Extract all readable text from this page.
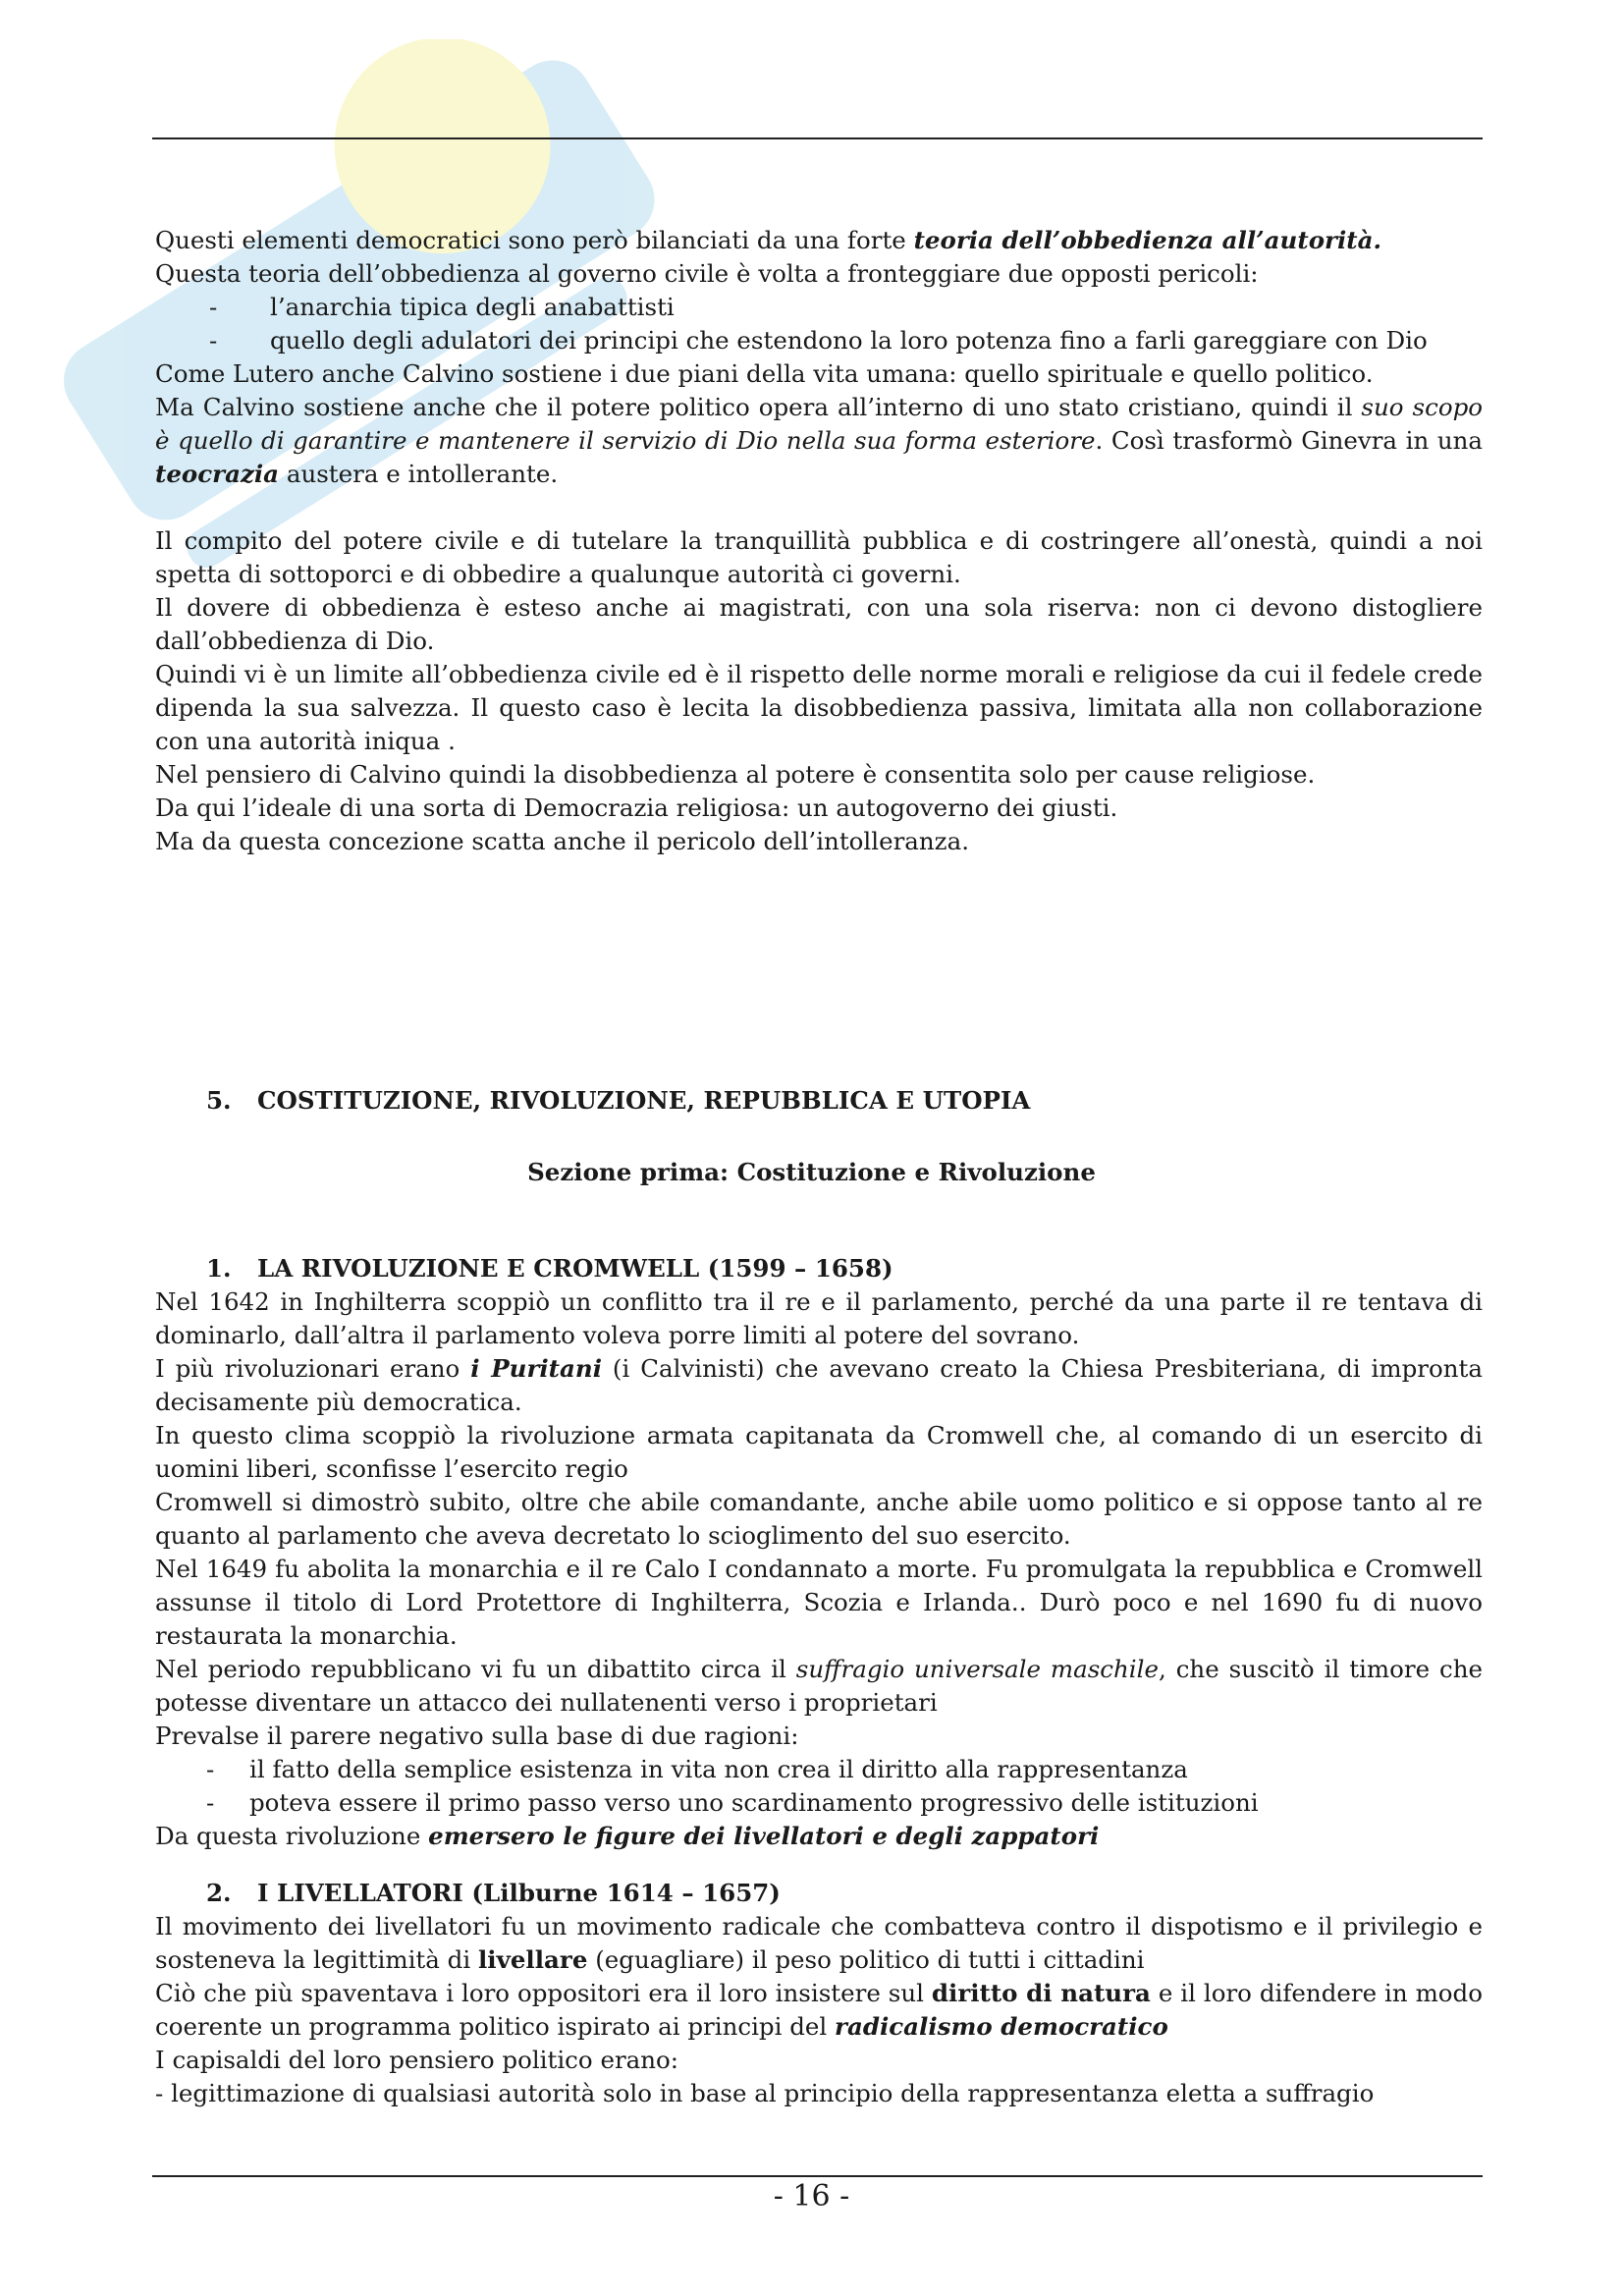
Questi elementi democratici sono però bilanciati da una forte teoria dell’obbedienza all’autorità.

Questa teoria dell’obbedienza al governo civile è volta a fronteggiare due opposti pericoli:

-	l’anarchia tipica degli anabattisti
-	quello degli adulatori dei principi che estendono la loro potenza fino a farli gareggiare con Dio

Come Lutero anche Calvino sostiene i due piani della vita umana: quello spirituale e quello politico.

Ma Calvino sostiene anche che il potere politico opera all’interno di uno stato cristiano, quindi il suo scopo è quello di garantire e mantenere il servizio di Dio nella sua forma esteriore. Così trasformò Ginevra in una teocrazia austera e intollerante.

Il compito del potere civile e di tutelare la tranquillità pubblica e di costringere all’onestà, quindi a noi spetta di sottoporci e di obbedire a qualunque autorità ci governi.

Il dovere di obbedienza è esteso anche ai magistrati, con una sola riserva: non ci devono distogliere dall’obbedienza di Dio.

Quindi vi è un limite all’obbedienza civile ed è il rispetto delle norme morali e religiose da cui il fedele crede dipenda la sua salvezza. Il questo caso è lecita la disobbedienza passiva, limitata alla non collaborazione con una autorità iniqua .

Nel pensiero di Calvino quindi la disobbedienza al potere è consentita solo per cause religiose.

Da qui l’ideale di una sorta di Democrazia religiosa: un autogoverno dei giusti.

Ma da questa concezione scatta anche il pericolo dell’intolleranza.

5. COSTITUZIONE, RIVOLUZIONE, REPUBBLICA E UTOPIA
Sezione prima: Costituzione e Rivoluzione
1. LA RIVOLUZIONE E CROMWELL (1599 – 1658)

Nel 1642 in Inghilterra scoppiò un conflitto tra il re e il parlamento, perché da una parte il re tentava di dominarlo, dall’altra il parlamento voleva porre limiti al potere del sovrano.

I più rivoluzionari erano i Puritani (i Calvinisti) che avevano creato la Chiesa Presbiteriana, di impronta decisamente più democratica.

In questo clima scoppiò la rivoluzione armata capitanata da Cromwell che, al comando di un esercito di uomini liberi, sconfisse l’esercito regio

Cromwell si dimostrò subito, oltre che abile comandante, anche abile uomo politico e si oppose tanto al re quanto al parlamento che aveva decretato lo scioglimento del suo esercito.

Nel 1649 fu abolita la monarchia e il re Calo I condannato a morte. Fu promulgata la repubblica e Cromwell assunse il titolo di Lord Protettore di Inghilterra, Scozia e Irlanda.. Durò poco e nel 1690 fu di nuovo restaurata la monarchia.

Nel periodo repubblicano vi fu un dibattito circa il suffragio universale maschile, che suscitò il timore che potesse diventare un attacco dei nullatenenti verso i proprietari

Prevalse il parere negativo sulla base di due ragioni:

-	il fatto della semplice esistenza in vita non crea il diritto alla rappresentanza
-	poteva essere il primo passo verso uno scardinamento progressivo delle istituzioni

Da questa rivoluzione emersero le figure dei livellatori e degli zappatori

2. I LIVELLATORI (Lilburne 1614 – 1657)

Il movimento dei livellatori fu un movimento radicale che combatteva contro il dispotismo e il privilegio e sosteneva la legittimità di livellare (eguagliare) il peso politico di tutti i cittadini

Ciò che più spaventava i loro oppositori era il loro insistere sul diritto di natura e il loro difendere in modo coerente un programma politico ispirato ai principi del radicalismo democratico

I capisaldi del loro pensiero politico erano:

- legittimazione di qualsiasi autorità solo in base al principio della rappresentanza eletta a suffragio

- 16 -
